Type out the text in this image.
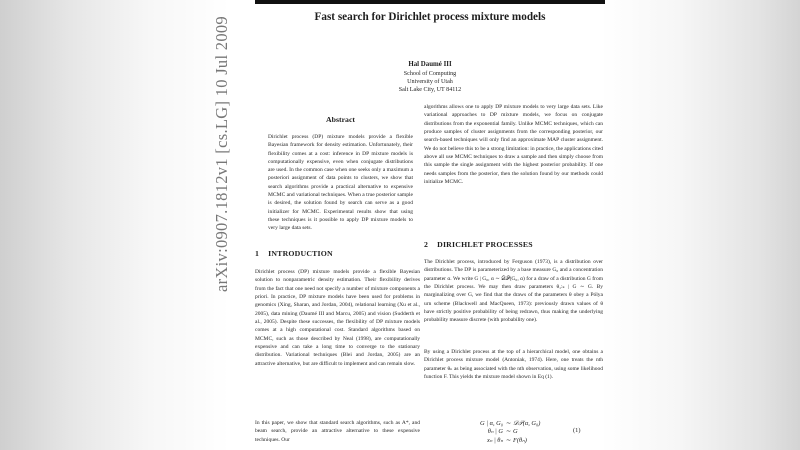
arXiv:0907.1812v1 [cs.LG] 10 Jul 2009	Fast search for Dirichlet process mixture models
Hal Daumé III
School of Computing
University of Utah
Salt Lake City, UT 84112
Abstract

Dirichlet process (DP) mixture models provide a flexible Bayesian framework for density estimation. Unfortunately, their flexibility comes at a cost: inference in DP mixture models is computationally expensive, even when conjugate distributions are used. In the common case when one seeks only a maximum a posteriori assignment of data points to clusters, we show that search algorithms provide a practical alternative to expensive MCMC and variational techniques. When a true posterior sample is desired, the solution found by search can serve as a good initializer for MCMC. Experimental results show that using these techniques is it possible to apply DP mixture models to very large data sets.

1 INTRODUCTION

Dirichlet process (DP) mixture models provide a flexible Bayesian solution to nonparametric density estimation. Their flexibility derives from the fact that one need not specify a number of mixture components a priori. In practice, DP mixture models have been used for problems in genomics (Xing, Sharan, and Jordan, 2004), relational learning (Xu et al., 2005), data mining (Daumé III and Marcu, 2005) and vision (Sudderth et al., 2005). Despite these successes, the flexibility of DP mixture models comes at a high computational cost. Standard algorithms based on MCMC, such as those described by Neal (1998), are computationally expensive and can take a long time to converge to the stationary distribution. Variational techniques (Blei and Jordan, 2005) are an attractive alternative, but are difficult to implement and can remain slow.

In this paper, we show that standard search algorithms, such as A*, and beam search, provide an attractive alternative to these expensive techniques. Our

algorithms allows one to apply DP mixture models to very large data sets. Like variational approaches to DP mixture models, we focus on conjugate distributions from the exponential family. Unlike MCMC techniques, which can produce samples of cluster assignments from the corresponding posterior, our search-based techniques will only find an approximate MAP cluster assignment. We do not believe this to be a strong limitation: in practice, the applications cited above all use MCMC techniques to draw a sample and then simply choose from this sample the single assignment with the highest posterior probability. If one needs samples from the posterior, then the solution found by our methods could initialize MCMC.

2 DIRICHLET PROCESSES

The Dirichlet process, introduced by Ferguson (1973), is a distribution over distributions. The DP is parameterized by a base measure G₀ and a concentration parameter α. We write G | G₀, α ∼ 𝒟𝒫(G₀, α) for a draw of a distribution G from the Dirichlet process. We may then draw parameters θ₁:ₖ | G ∼ G. By marginalizing over G, we find that the draws of the parameters θ obey a Pólya urn scheme (Blackwell and MacQueen, 1973): previously drawn values of θ have strictly positive probability of being redrawn, thus making the underlying probability measure discrete (with probability one).

By using a Dirichlet process at the top of a hierarchical model, one obtains a Dirichlet process mixture model (Antoniak, 1974). Here, one treats the nth parameter θₙ as being associated with the nth observation, using some likelihood function F. This yields the mixture model shown in Eq (1).

G | α, G₀ ∼ 𝒟𝒫(α, G₀)
θₙ | G ∼ G
xₙ | θₙ ∼ F(θₙ)
(1)
